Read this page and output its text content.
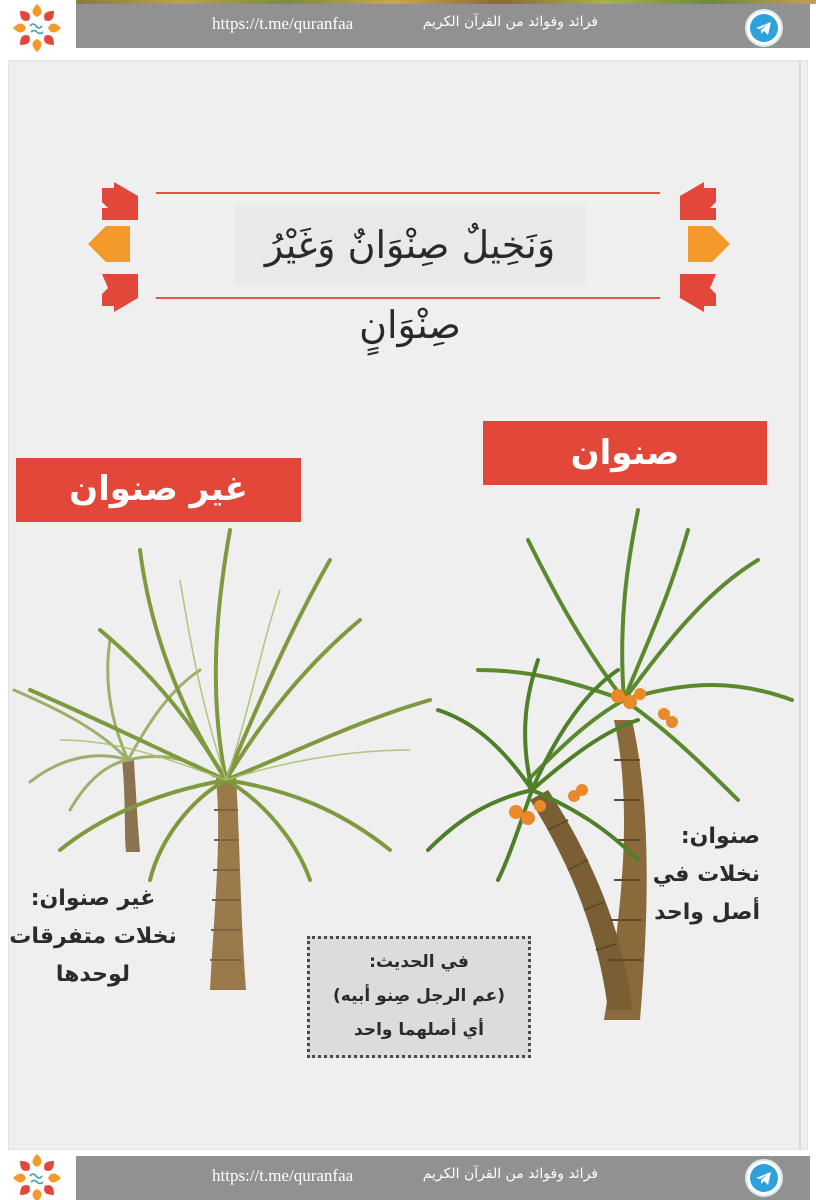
https://t.me/quranfaa	فرائد وفوائد من القرآن الكريم
وَنَخِيلٌ صِنْوَانٌ وَغَيْرُ صِنْوَانٍ
صنوان
غير صنوان
صنوان:
نخلات في
أصل واحد
غير صنوان:
نخلات متفرقات
لوحدها	في الحديث:
(عم الرجل صِنو أبيه)
أي أصلهما واحد
https://t.me/quranfaa	فرائد وفوائد من القرآن الكريم
